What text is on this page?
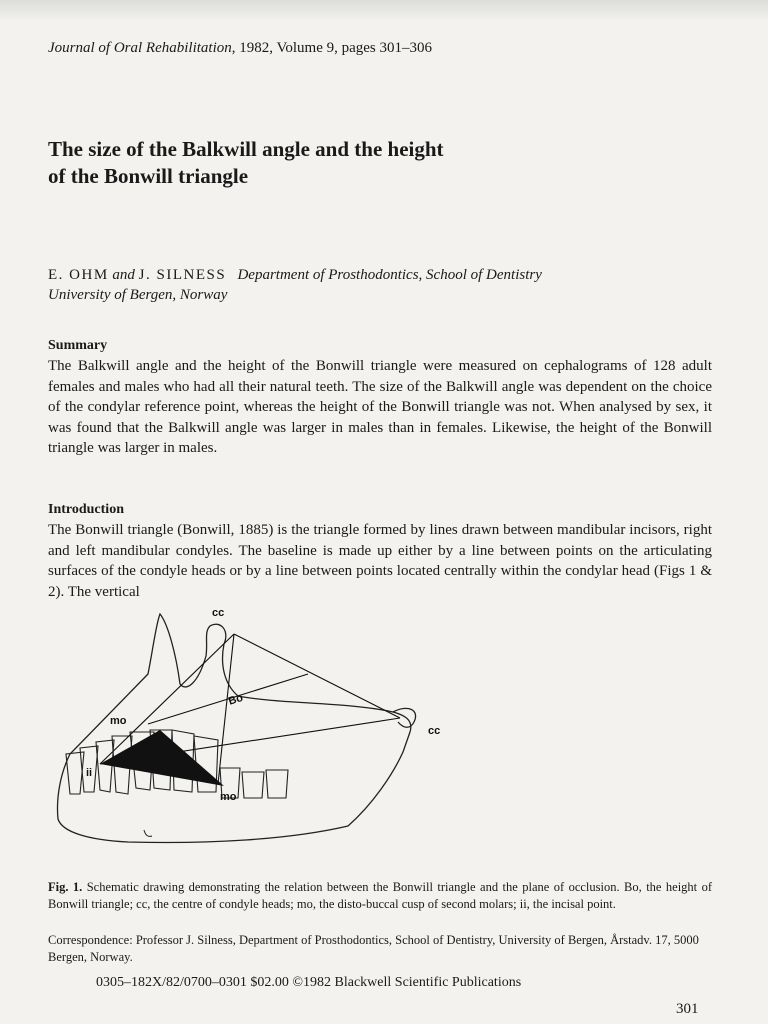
Journal of Oral Rehabilitation, 1982, Volume 9, pages 301–306
The size of the Balkwill angle and the height
of the Bonwill triangle
E. OHM and J. SILNESS Department of Prosthodontics, School of Dentistry
University of Bergen, Norway
Summary
The Balkwill angle and the height of the Bonwill triangle were measured on cephalograms of 128 adult females and males who had all their natural teeth. The size of the Balkwill angle was dependent on the choice of the condylar reference point, whereas the height of the Bonwill triangle was not. When analysed by sex, it was found that the Balkwill angle was larger in males than in females. Likewise, the height of the Bonwill triangle was larger in males.
Introduction
The Bonwill triangle (Bonwill, 1885) is the triangle formed by lines drawn between mandibular incisors, right and left mandibular condyles. The baseline is made up either by a line between points on the articulating surfaces of the condyle heads or by a line between points located centrally within the condylar head (Figs 1 & 2). The vertical
cc
cc
Bo
mo
mo
ii
Fig. 1. Schematic drawing demonstrating the relation between the Bonwill triangle and the plane of occlusion. Bo, the height of Bonwill triangle; cc, the centre of condyle heads; mo, the disto-buccal cusp of second molars; ii, the incisal point.
Correspondence: Professor J. Silness, Department of Prosthodontics, School of Dentistry, University of Bergen, Årstadv. 17, 5000 Bergen, Norway.
0305–182X/82/0700–0301 $02.00 ©1982 Blackwell Scientific Publications
301
